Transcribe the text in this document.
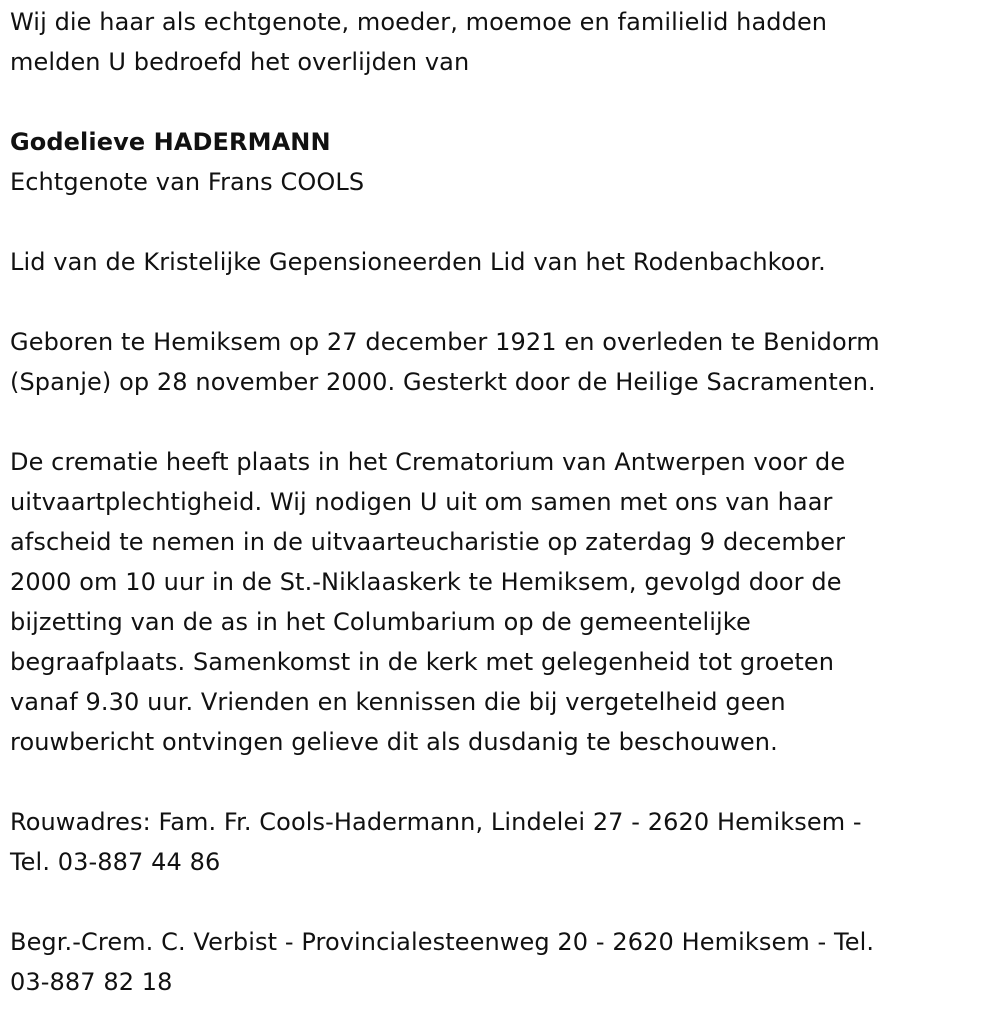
Wij die haar als echtgenote, moeder, moemoe en familielid hadden
melden U bedroefd het overlijden van

Godelieve HADERMANN

Echtgenote van Frans COOLS

Lid van de Kristelijke Gepensioneerden Lid van het Rodenbachkoor.

Geboren te Hemiksem op 27 december 1921 en overleden te Benidorm
(Spanje) op 28 november 2000. Gesterkt door de Heilige Sacramenten.

De crematie heeft plaats in het Crematorium van Antwerpen voor de
uitvaartplechtigheid. Wij nodigen U uit om samen met ons van haar
afscheid te nemen in de uitvaarteucharistie op zaterdag 9 december
2000 om 10 uur in de St.-Niklaaskerk te Hemiksem, gevolgd door de
bijzetting van de as in het Columbarium op de gemeentelijke
begraafplaats. Samenkomst in de kerk met gelegenheid tot groeten
vanaf 9.30 uur. Vrienden en kennissen die bij vergetelheid geen
rouwbericht ontvingen gelieve dit als dusdanig te beschouwen.

Rouwadres: Fam. Fr. Cools-Hadermann, Lindelei 27 - 2620 Hemiksem -
Tel. 03-887 44 86

Begr.-Crem. C. Verbist - Provincialesteenweg 20 - 2620 Hemiksem - Tel.
03-887 82 18
